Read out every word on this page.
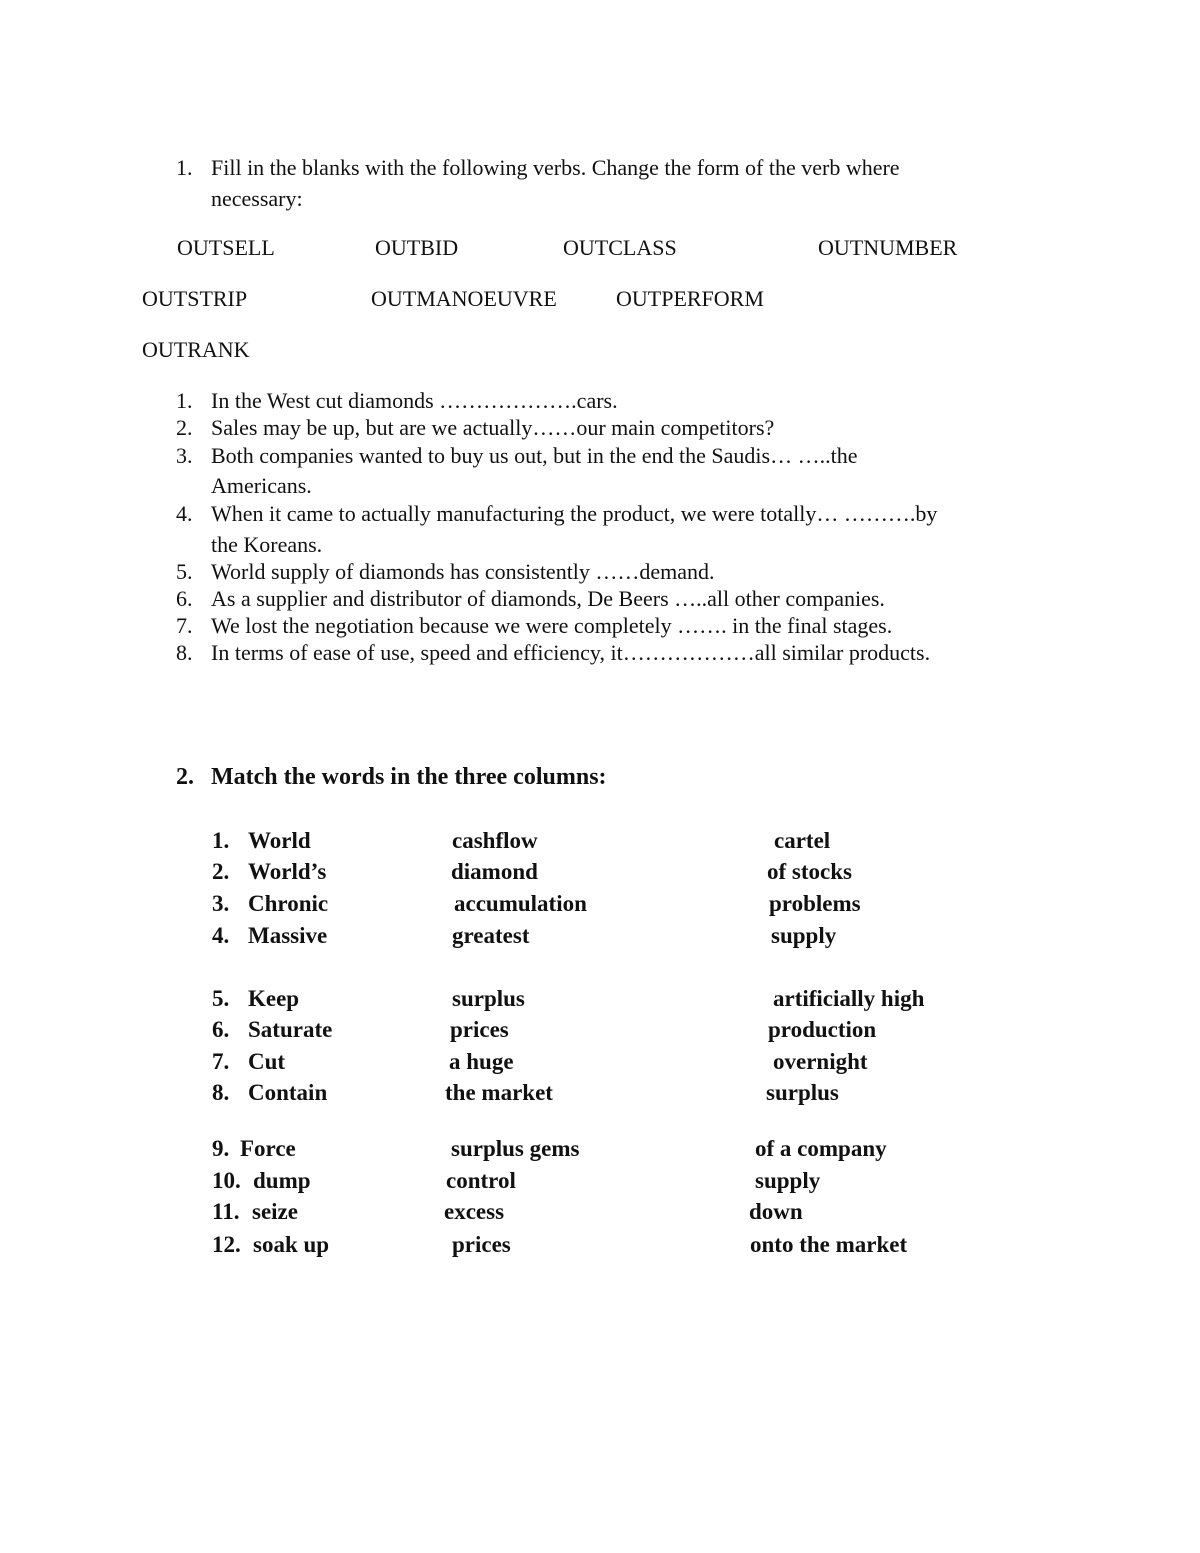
1. Fill in the blanks with the following verbs. Change the form of the verb where
necessary:
OUTSELL	OUTBID	OUTCLASS	OUTNUMBER
OUTSTRIP	OUTMANOEUVRE	OUTPERFORM
OUTRANK
1. In the West cut diamonds ……………….cars.
2. Sales may be up, but are we actually……our main competitors?
3. Both companies wanted to buy us out, but in the end the Saudis… …..the
Americans.
4. When it came to actually manufacturing the product, we were totally… ……….by
the Koreans.
5. World supply of diamonds has consistently ……demand.
6. As a supplier and distributor of diamonds, De Beers …..all other companies.
7. We lost the negotiation because we were completely ……. in the final stages.
8. In terms of ease of use, speed and efficiency, it………………all similar products.
2. Match the words in the three columns:
1. World	cashflow	cartel
2. World’s	diamond	of stocks
3. Chronic	accumulation	problems
4. Massive	greatest	supply
5. Keep	surplus	artificially high
6. Saturate	prices	production
7. Cut	a huge	overnight
8. Contain	the market	surplus
9. Force	surplus gems	of a company
10. dump	control	supply
11. seize	excess	down
12. soak up	prices	onto the market
